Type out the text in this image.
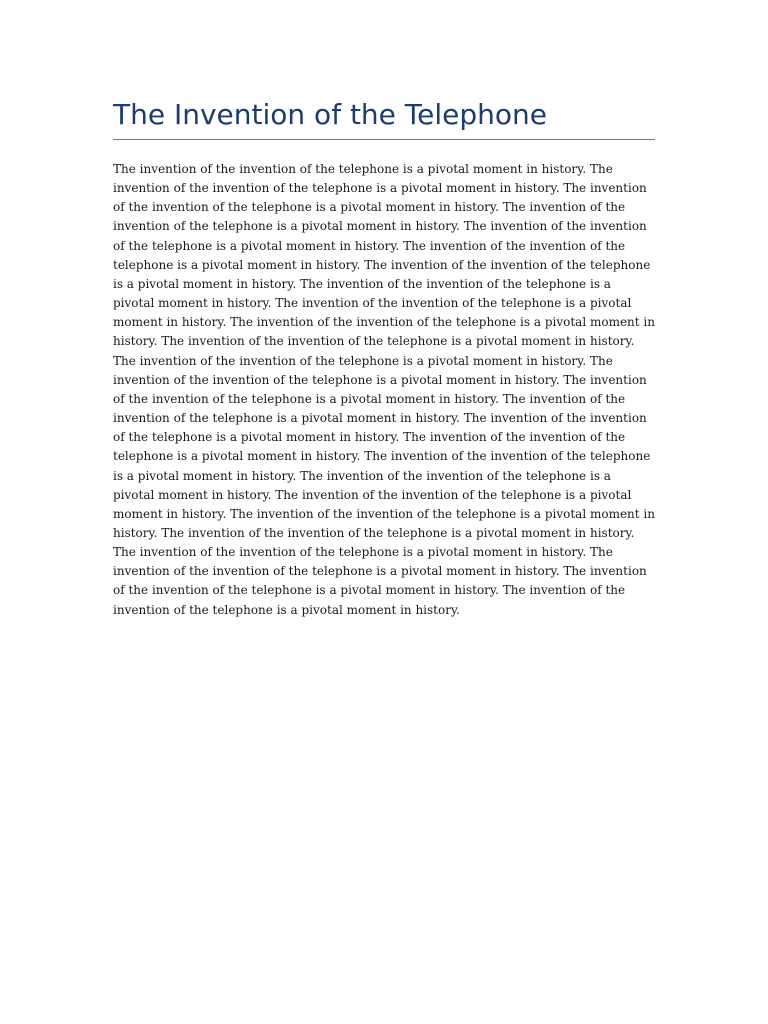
The Invention of the Telephone

The invention of the invention of the telephone is a pivotal moment in history. The invention of the invention of the telephone is a pivotal moment in history. The invention of the invention of the telephone is a pivotal moment in history. The invention of the invention of the telephone is a pivotal moment in history. The invention of the invention of the telephone is a pivotal moment in history. The invention of the invention of the telephone is a pivotal moment in history. The invention of the invention of the telephone is a pivotal moment in history. The invention of the invention of the telephone is a pivotal moment in history. The invention of the invention of the telephone is a pivotal moment in history. The invention of the invention of the telephone is a pivotal moment in history. The invention of the invention of the telephone is a pivotal moment in history. The invention of the invention of the telephone is a pivotal moment in history. The invention of the invention of the telephone is a pivotal moment in history. The invention of the invention of the telephone is a pivotal moment in history. The invention of the invention of the telephone is a pivotal moment in history. The invention of the invention of the telephone is a pivotal moment in history. The invention of the invention of the telephone is a pivotal moment in history. The invention of the invention of the telephone is a pivotal moment in history. The invention of the invention of the telephone is a pivotal moment in history. The invention of the invention of the telephone is a pivotal moment in history. The invention of the invention of the telephone is a pivotal moment in history. The invention of the invention of the telephone is a pivotal moment in history. The invention of the invention of the telephone is a pivotal moment in history. The invention of the invention of the telephone is a pivotal moment in history. The invention of the invention of the telephone is a pivotal moment in history. The invention of the invention of the telephone is a pivotal moment in history.
